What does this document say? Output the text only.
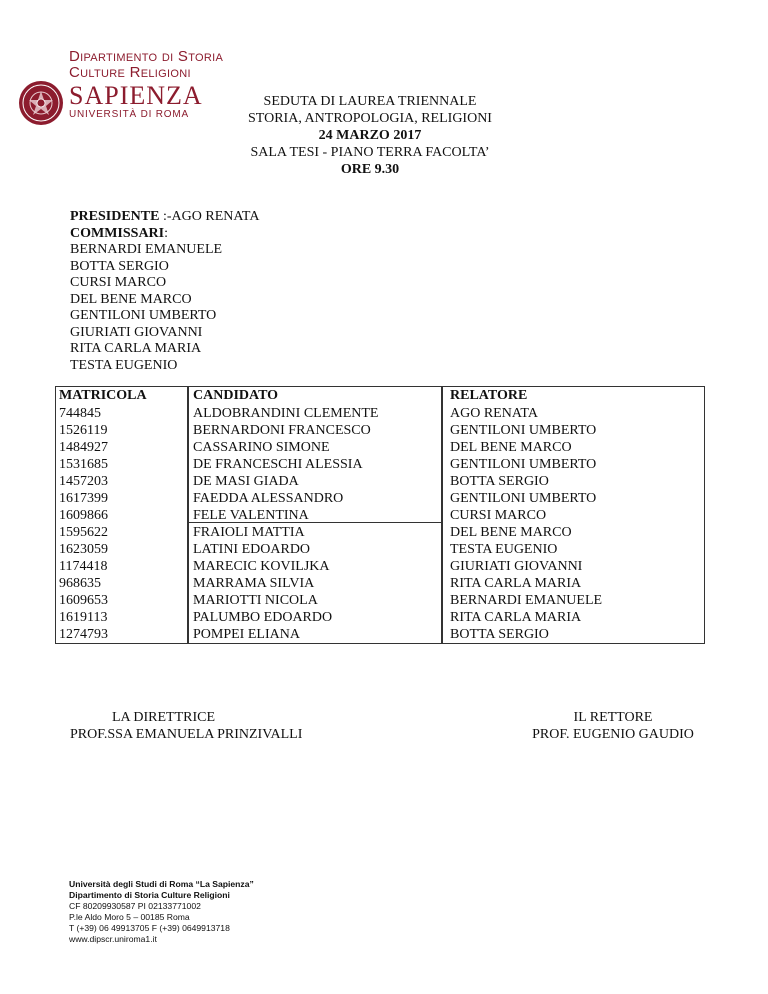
Dipartimento di Storia
Culture Religioni
SAPIENZA
UNIVERSITÀ DI ROMA
SEDUTA DI LAUREA TRIENNALE
STORIA, ANTROPOLOGIA, RELIGIONI
24 MARZO 2017
SALA TESI - PIANO TERRA FACOLTA’
ORE 9.30
PRESIDENTE :-AGO RENATA
COMMISSARI:
BERNARDI EMANUELE
BOTTA SERGIO
CURSI MARCO
DEL BENE MARCO
GENTILONI UMBERTO
GIURIATI GIOVANNI
RITA CARLA MARIA
TESTA EUGENIO
MATRICOLA	CANDIDATO	RELATORE
744845	ALDOBRANDINI CLEMENTE	AGO RENATA
1526119	BERNARDONI FRANCESCO	GENTILONI UMBERTO
1484927	CASSARINO SIMONE	DEL BENE MARCO
1531685	DE FRANCESCHI ALESSIA	GENTILONI UMBERTO
1457203	DE MASI GIADA	BOTTA SERGIO
1617399	FAEDDA ALESSANDRO	GENTILONI UMBERTO
1609866	FELE VALENTINA	CURSI MARCO
1595622	FRAIOLI MATTIA	DEL BENE MARCO
1623059	LATINI EDOARDO	TESTA EUGENIO
1174418	MARECIC KOVILJKA	GIURIATI GIOVANNI
968635	MARRAMA SILVIA	RITA CARLA MARIA
1609653	MARIOTTI NICOLA	BERNARDI EMANUELE
1619113	PALUMBO EDOARDO	RITA CARLA MARIA
1274793	POMPEI ELIANA	BOTTA SERGIO
LA DIRETTRICE
PROF.SSA EMANUELA PRINZIVALLI
IL RETTORE
PROF. EUGENIO GAUDIO
Università degli Studi di Roma “La Sapienza”
Dipartimento di Storia Culture Religioni
CF 80209930587 PI 02133771002
P.le Aldo Moro 5 – 00185 Roma
T (+39) 06 49913705 F (+39) 0649913718
www.dipscr.uniroma1.it
